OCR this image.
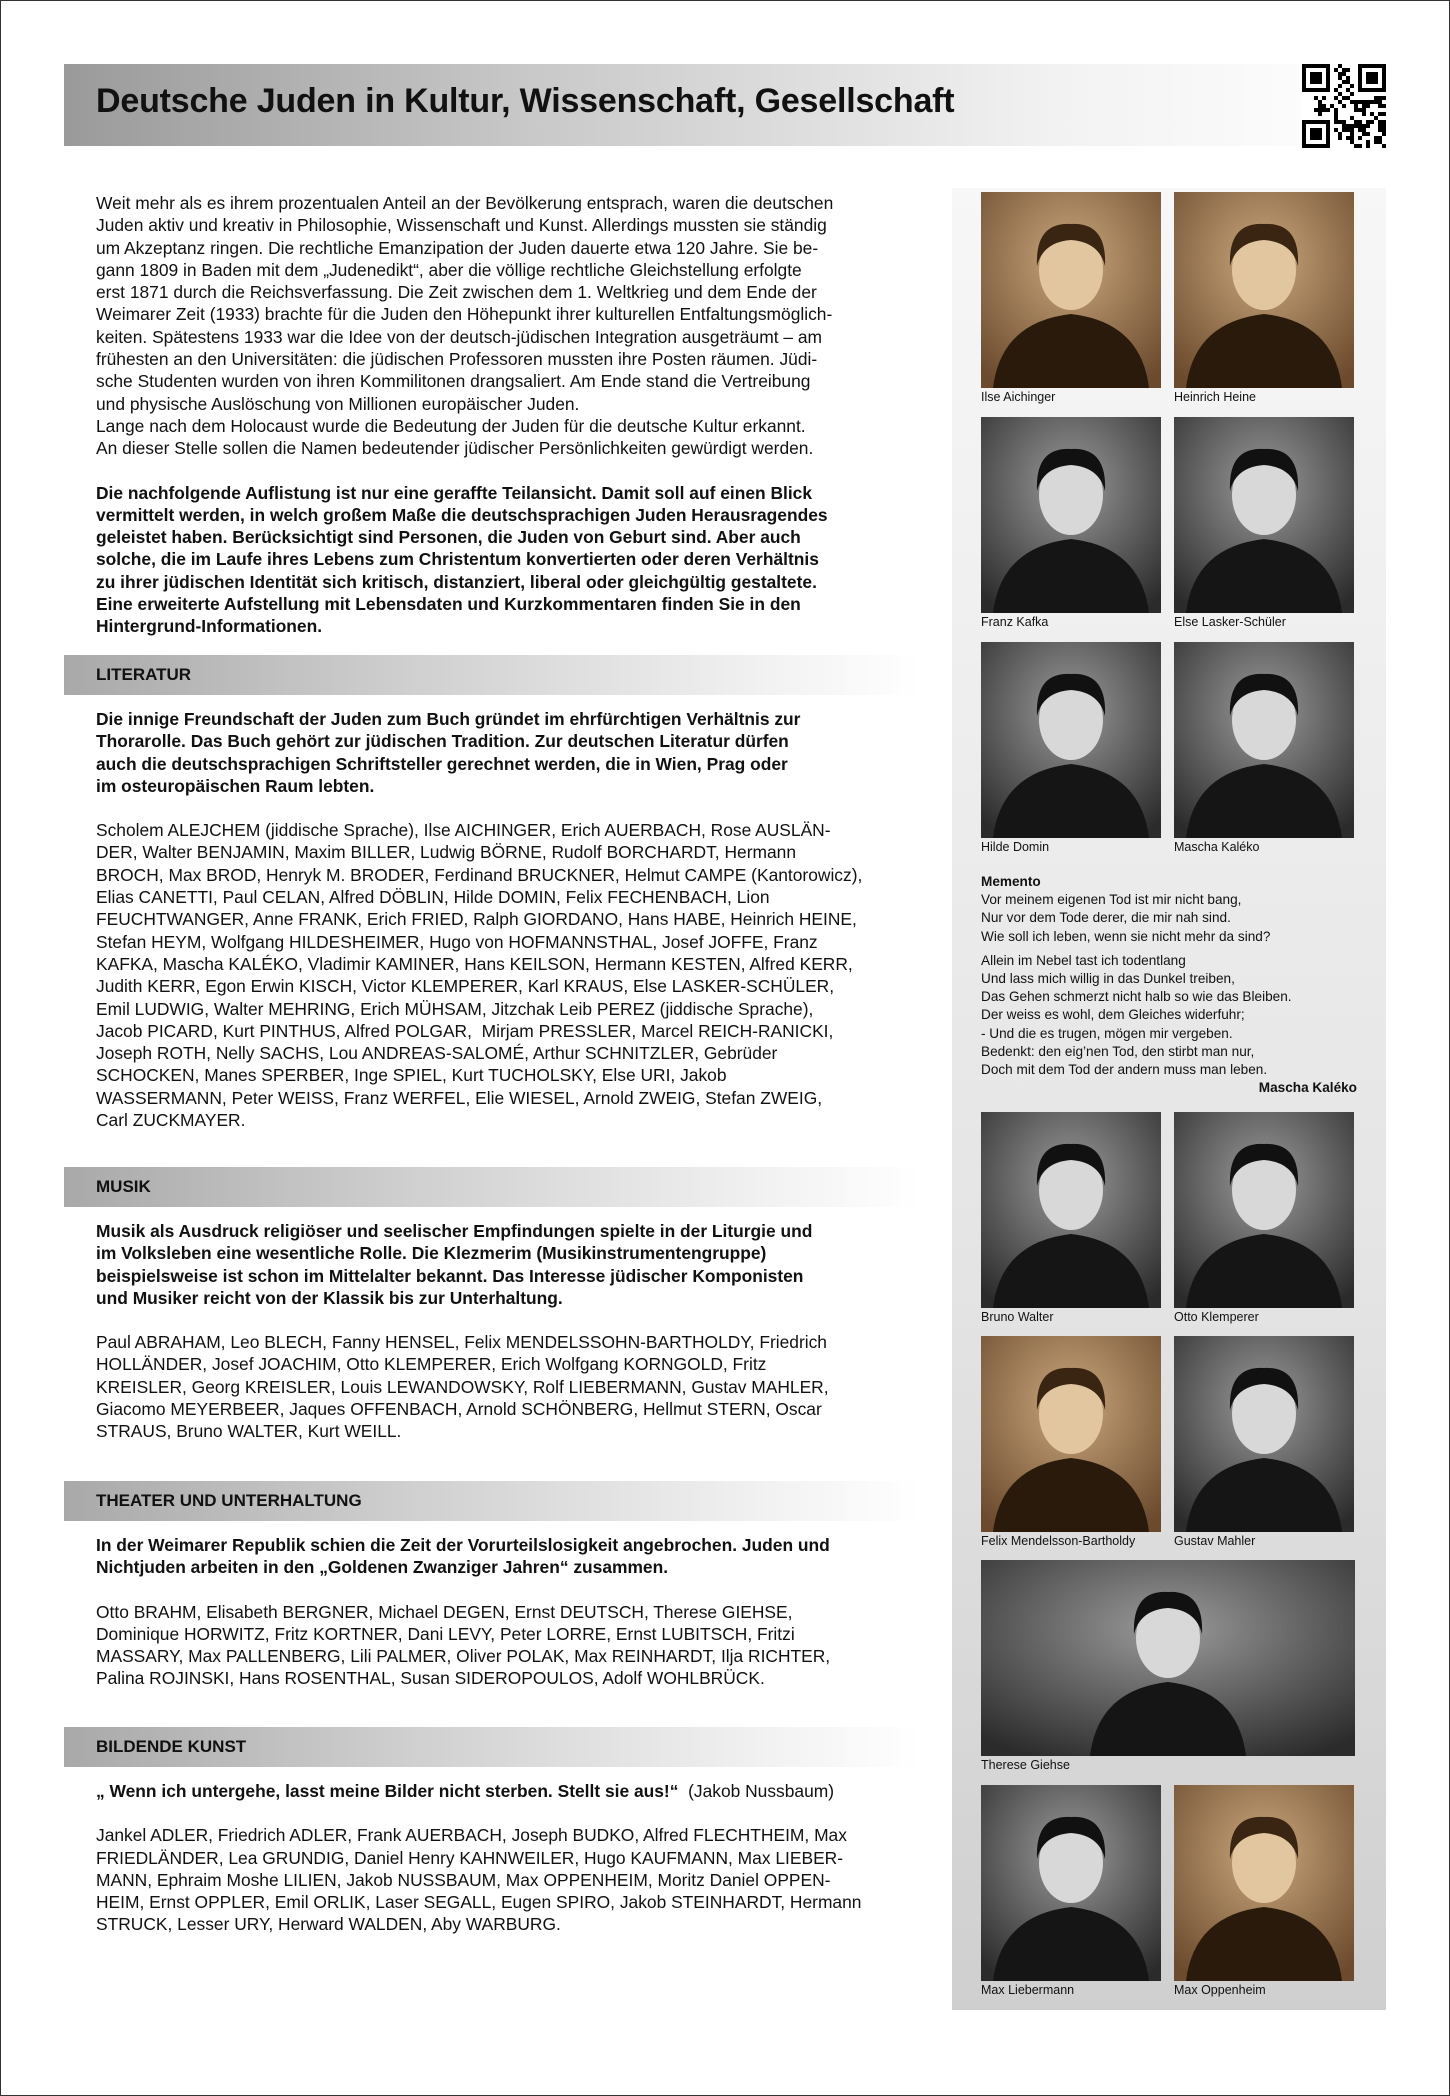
Deutsche Juden in Kultur, Wissenschaft, Gesellschaft

Weit mehr als es ihrem prozentualen Anteil an der Bevölkerung entsprach, waren die deutschen
Juden aktiv und kreativ in Philosophie, Wissenschaft und Kunst. Allerdings mussten sie ständig
um Akzeptanz ringen. Die rechtliche Emanzipation der Juden dauerte etwa 120 Jahre. Sie be-
gann 1809 in Baden mit dem „Judenedikt“, aber die völlige rechtliche Gleichstellung erfolgte
erst 1871 durch die Reichsverfassung. Die Zeit zwischen dem 1. Weltkrieg und dem Ende der
Weimarer Zeit (1933) brachte für die Juden den Höhepunkt ihrer kulturellen Entfaltungsmöglich-
keiten. Spätestens 1933 war die Idee von der deutsch-jüdischen Integration ausgeträumt – am
frühesten an den Universitäten: die jüdischen Professoren mussten ihre Posten räumen. Jüdi-
sche Studenten wurden von ihren Kommilitonen drangsaliert. Am Ende stand die Vertreibung
und physische Auslöschung von Millionen europäischer Juden.
Lange nach dem Holocaust wurde die Bedeutung der Juden für die deutsche Kultur erkannt.
An dieser Stelle sollen die Namen bedeutender jüdischer Persönlichkeiten gewürdigt werden.

Die nachfolgende Auflistung ist nur eine geraffte Teilansicht. Damit soll auf einen Blick
vermittelt werden, in welch großem Maße die deutschsprachigen Juden Herausragendes
geleistet haben. Berücksichtigt sind Personen, die Juden von Geburt sind. Aber auch
solche, die im Laufe ihres Lebens zum Christentum konvertierten oder deren Verhältnis
zu ihrer jüdischen Identität sich kritisch, distanziert, liberal oder gleichgültig gestaltete.
Eine erweiterte Aufstellung mit Lebensdaten und Kurzkommentaren finden Sie in den
Hintergrund-Informationen.

LITERATUR

Die innige Freundschaft der Juden zum Buch gründet im ehrfürchtigen Verhältnis zur
Thorarolle. Das Buch gehört zur jüdischen Tradition. Zur deutschen Literatur dürfen
auch die deutschsprachigen Schriftsteller gerechnet werden, die in Wien, Prag oder
im osteuropäischen Raum lebten.

Scholem ALEJCHEM (jiddische Sprache), Ilse AICHINGER, Erich AUERBACH, Rose AUSLÄN-
DER, Walter BENJAMIN, Maxim BILLER, Ludwig BÖRNE, Rudolf BORCHARDT, Hermann
BROCH, Max BROD, Henryk M. BRODER, Ferdinand BRUCKNER, Helmut CAMPE (Kantorowicz),
Elias CANETTI, Paul CELAN, Alfred DÖBLIN, Hilde DOMIN, Felix FECHENBACH, Lion
FEUCHTWANGER, Anne FRANK, Erich FRIED, Ralph GIORDANO, Hans HABE, Heinrich HEINE,
Stefan HEYM, Wolfgang HILDESHEIMER, Hugo von HOFMANNSTHAL, Josef JOFFE, Franz
KAFKA, Mascha KALÉKO, Vladimir KAMINER, Hans KEILSON, Hermann KESTEN, Alfred KERR,
Judith KERR, Egon Erwin KISCH, Victor KLEMPERER, Karl KRAUS, Else LASKER-SCHÜLER,
Emil LUDWIG, Walter MEHRING, Erich MÜHSAM, Jitzchak Leib PEREZ (jiddische Sprache),
Jacob PICARD, Kurt PINTHUS, Alfred POLGAR,  Mirjam PRESSLER, Marcel REICH-RANICKI,
Joseph ROTH, Nelly SACHS, Lou ANDREAS-SALOMÉ, Arthur SCHNITZLER, Gebrüder
SCHOCKEN, Manes SPERBER, Inge SPIEL, Kurt TUCHOLSKY, Else URI, Jakob
WASSERMANN, Peter WEISS, Franz WERFEL, Elie WIESEL, Arnold ZWEIG, Stefan ZWEIG,
Carl ZUCKMAYER.

MUSIK

Musik als Ausdruck religiöser und seelischer Empfindungen spielte in der Liturgie und
im Volksleben eine wesentliche Rolle. Die Klezmerim (Musikinstrumentengruppe)
beispielsweise ist schon im Mittelalter bekannt. Das Interesse jüdischer Komponisten
und Musiker reicht von der Klassik bis zur Unterhaltung.

Paul ABRAHAM, Leo BLECH, Fanny HENSEL, Felix MENDELSSOHN-BARTHOLDY, Friedrich
HOLLÄNDER, Josef JOACHIM, Otto KLEMPERER, Erich Wolfgang KORNGOLD, Fritz
KREISLER, Georg KREISLER, Louis LEWANDOWSKY, Rolf LIEBERMANN, Gustav MAHLER,
Giacomo MEYERBEER, Jaques OFFENBACH, Arnold SCHÖNBERG, Hellmut STERN, Oscar
STRAUS, Bruno WALTER, Kurt WEILL.

THEATER UND UNTERHALTUNG

In der Weimarer Republik schien die Zeit der Vorurteilslosigkeit angebrochen. Juden und
Nichtjuden arbeiten in den „Goldenen Zwanziger Jahren“ zusammen.

Otto BRAHM, Elisabeth BERGNER, Michael DEGEN, Ernst DEUTSCH, Therese GIEHSE,
Dominique HORWITZ, Fritz KORTNER, Dani LEVY, Peter LORRE, Ernst LUBITSCH, Fritzi
MASSARY, Max PALLENBERG, Lili PALMER, Oliver POLAK, Max REINHARDT, Ilja RICHTER,
Palina ROJINSKI, Hans ROSENTHAL, Susan SIDEROPOULOS, Adolf WOHLBRÜCK.

BILDENDE KUNST

„ Wenn ich untergehe, lasst meine Bilder nicht sterben. Stellt sie aus!“  (Jakob Nussbaum)

Jankel ADLER, Friedrich ADLER, Frank AUERBACH, Joseph BUDKO, Alfred FLECHTHEIM, Max
FRIEDLÄNDER, Lea GRUNDIG, Daniel Henry KAHNWEILER, Hugo KAUFMANN, Max LIEBER-
MANN, Ephraim Moshe LILIEN, Jakob NUSSBAUM, Max OPPENHEIM, Moritz Daniel OPPEN-
HEIM, Ernst OPPLER, Emil ORLIK, Laser SEGALL, Eugen SPIRO, Jakob STEINHARDT, Hermann
STRUCK, Lesser URY, Herward WALDEN, Aby WARBURG.

Ilse Aichinger	Heinrich Heine
Franz Kafka	Else Lasker-Schüler
Hilde Domin	Mascha Kaléko
Bruno Walter	Otto Klemperer
Felix Mendelsson-Bartholdy	Gustav Mahler
Therese Giehse
Max Liebermann	Max Oppenheim
Memento
Vor meinem eigenen Tod ist mir nicht bang,
Nur vor dem Tode derer, die mir nah sind.
Wie soll ich leben, wenn sie nicht mehr da sind?
Allein im Nebel tast ich todentlang
Und lass mich willig in das Dunkel treiben,
Das Gehen schmerzt nicht halb so wie das Bleiben.
Der weiss es wohl, dem Gleiches widerfuhr;
- Und die es trugen, mögen mir vergeben.
Bedenkt: den eig’nen Tod, den stirbt man nur,
Doch mit dem Tod der andern muss man leben.
Mascha Kaléko
